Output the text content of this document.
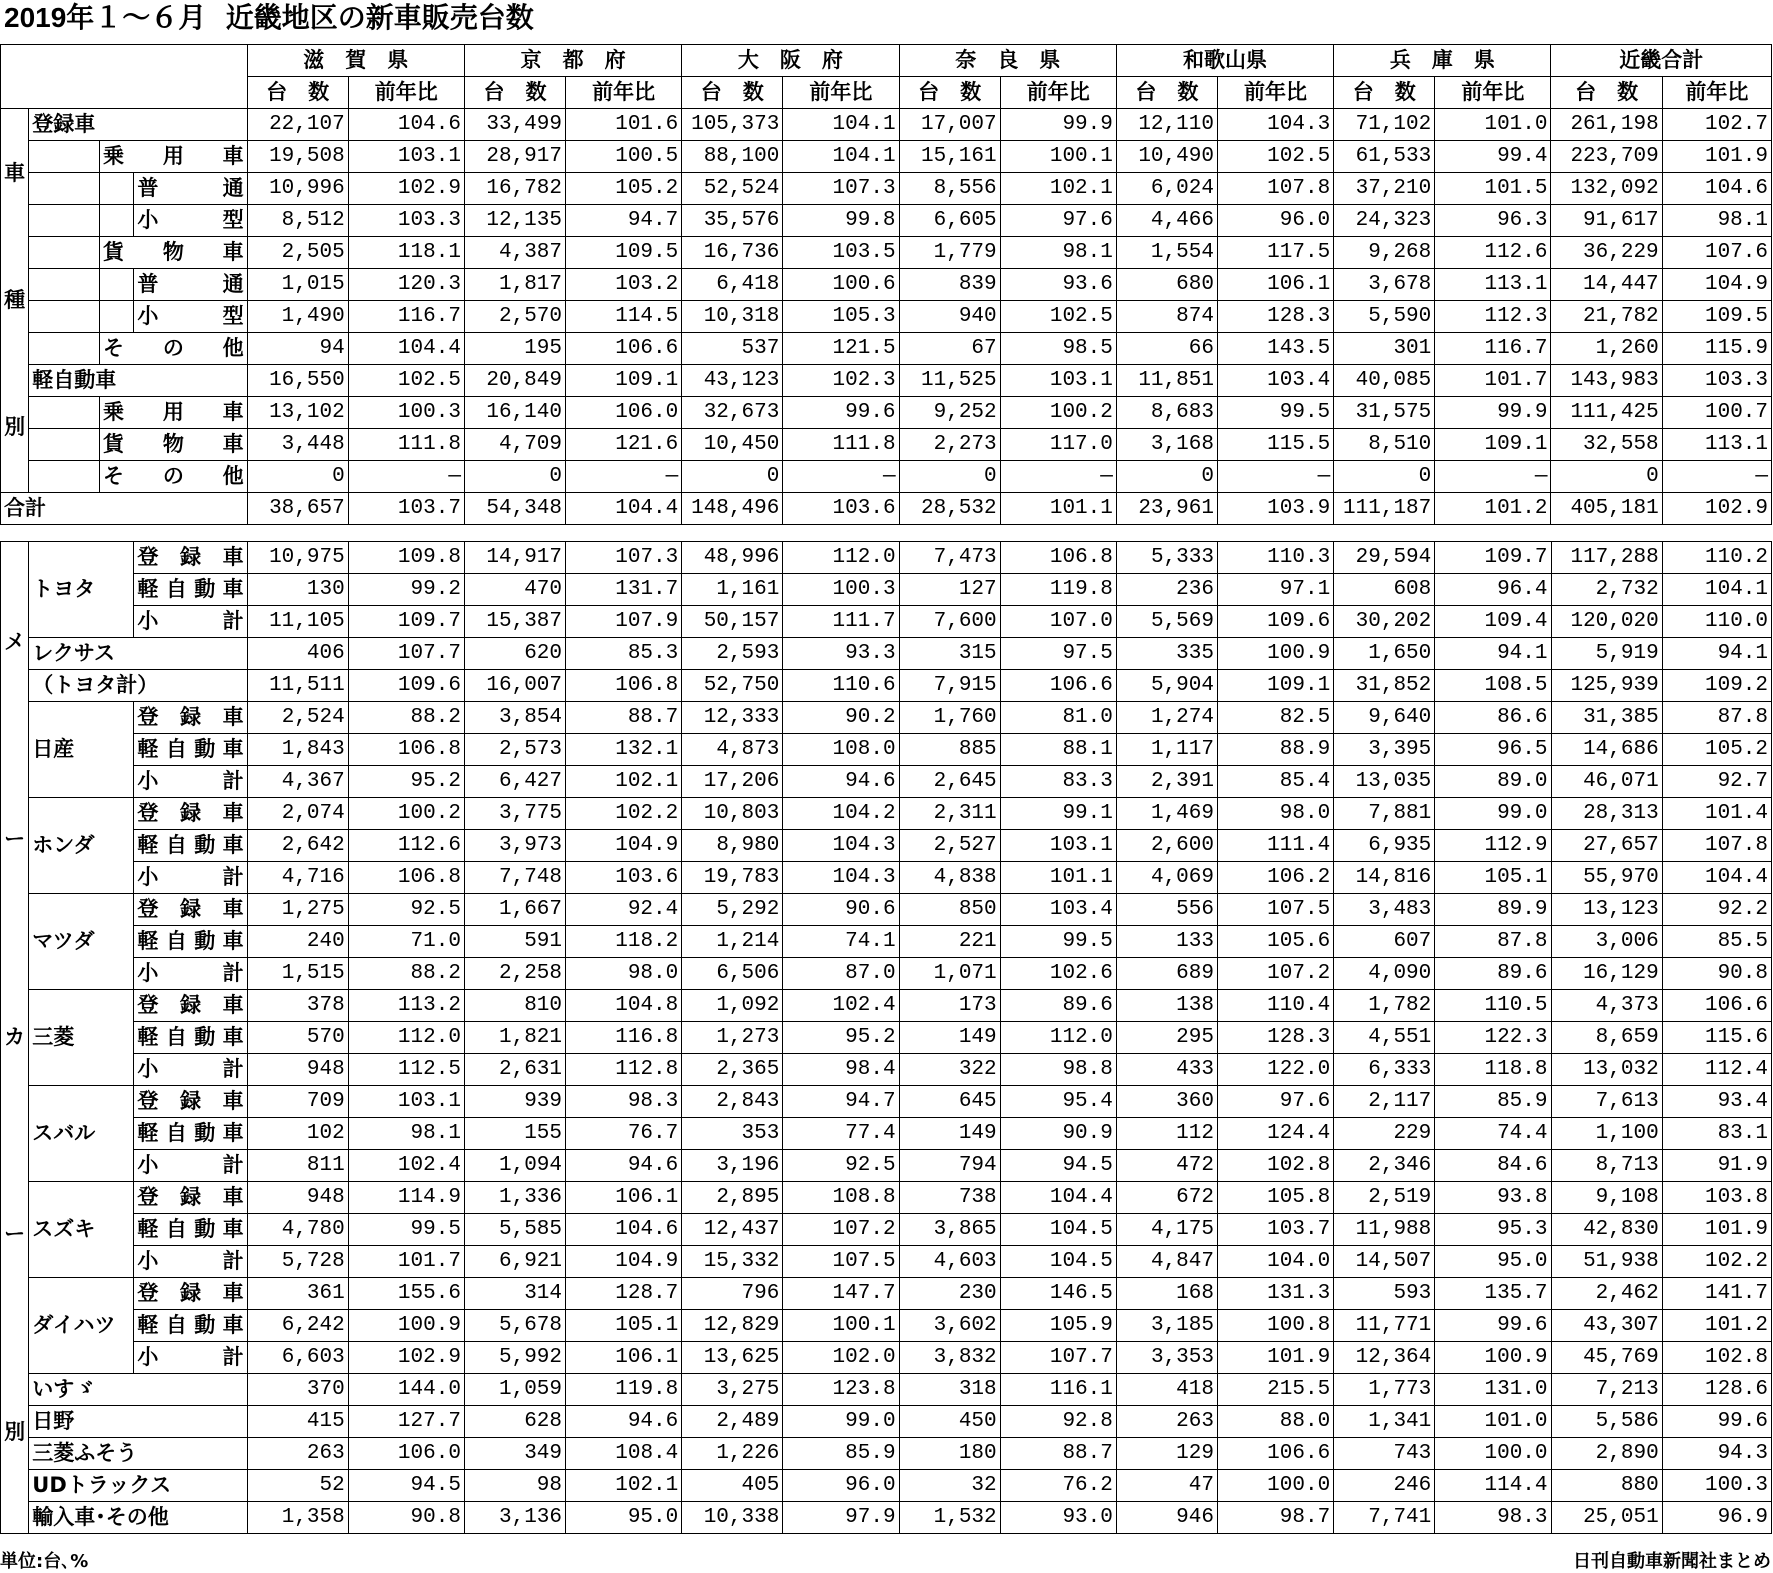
2019年１～６月 近畿地区の新車販売台数
				滋　賀　県		京　都　府		大　阪　府		奈　良　県		和歌山県		兵　庫　県		近畿合計	
				台　数	前年比	台　数	前年比	台　数	前年比	台　数	前年比	台　数	前年比	台　数	前年比	台　数	前年比

車
種
別	登録車			22,107	104.6	33,499	101.6	105,373	104.1	17,007	99.9	12,110	104.3	71,102	101.0	261,198	102.7
		乗　用　車		19,508	103.1	28,917	100.5	88,100	104.1	15,161	100.1	10,490	102.5	61,533	99.4	223,709	101.9
			普　通	10,996	102.9	16,782	105.2	52,524	107.3	8,556	102.1	6,024	107.8	37,210	101.5	132,092	104.6
			小　型	8,512	103.3	12,135	94.7	35,576	99.8	6,605	97.6	4,466	96.0	24,323	96.3	91,617	98.1
		貨　物　車		2,505	118.1	4,387	109.5	16,736	103.5	1,779	98.1	1,554	117.5	9,268	112.6	36,229	107.6
			普　通	1,015	120.3	1,817	103.2	6,418	100.6	839	93.6	680	106.1	3,678	113.1	14,447	104.9
			小　型	1,490	116.7	2,570	114.5	10,318	105.3	940	102.5	874	128.3	5,590	112.3	21,782	109.5
		そ　の　他		94	104.4	195	106.6	537	121.5	67	98.5	66	143.5	301	116.7	1,260	115.9
	軽自動車			16,550	102.5	20,849	109.1	43,123	102.3	11,525	103.1	11,851	103.4	40,085	101.7	143,983	103.3
		乗　用　車		13,102	100.3	16,140	106.0	32,673	99.6	9,252	100.2	8,683	99.5	31,575	99.9	111,425	100.7
		貨　物　車		3,448	111.8	4,709	121.6	10,450	111.8	2,273	117.0	3,168	115.5	8,510	109.1	32,558	113.1
		そ　の　他		0	―	0	―	0	―	0	―	0	―	0	―	0	―
合計				38,657	103.7	54,348	104.4	148,496	103.6	28,532	101.1	23,961	103.9	111,187	101.2	405,181	102.9
メ
ー
カ
ー
別	トヨタ	登　録　車	10,975	109.8	14,917	107.3	48,996	112.0	7,473	106.8	5,333	110.3	29,594	109.7	117,288	110.2
		軽自動車	130	99.2	470	131.7	1,161	100.3	127	119.8	236	97.1	608	96.4	2,732	104.1
		小　　計	11,105	109.7	15,387	107.9	50,157	111.7	7,600	107.0	5,569	109.6	30,202	109.4	120,020	110.0
	レクサス		406	107.7	620	85.3	2,593	93.3	315	97.5	335	100.9	1,650	94.1	5,919	94.1
	（トヨタ計）		11,511	109.6	16,007	106.8	52,750	110.6	7,915	106.6	5,904	109.1	31,852	108.5	125,939	109.2
	日産	登　録　車	2,524	88.2	3,854	88.7	12,333	90.2	1,760	81.0	1,274	82.5	9,640	86.6	31,385	87.8
		軽自動車	1,843	106.8	2,573	132.1	4,873	108.0	885	88.1	1,117	88.9	3,395	96.5	14,686	105.2
		小　　計	4,367	95.2	6,427	102.1	17,206	94.6	2,645	83.3	2,391	85.4	13,035	89.0	46,071	92.7
	ホンダ	登　録　車	2,074	100.2	3,775	102.2	10,803	104.2	2,311	99.1	1,469	98.0	7,881	99.0	28,313	101.4
		軽自動車	2,642	112.6	3,973	104.9	8,980	104.3	2,527	103.1	2,600	111.4	6,935	112.9	27,657	107.8
		小　　計	4,716	106.8	7,748	103.6	19,783	104.3	4,838	101.1	4,069	106.2	14,816	105.1	55,970	104.4
	マツダ	登　録　車	1,275	92.5	1,667	92.4	5,292	90.6	850	103.4	556	107.5	3,483	89.9	13,123	92.2
		軽自動車	240	71.0	591	118.2	1,214	74.1	221	99.5	133	105.6	607	87.8	3,006	85.5
		小　　計	1,515	88.2	2,258	98.0	6,506	87.0	1,071	102.6	689	107.2	4,090	89.6	16,129	90.8
	三菱	登　録　車	378	113.2	810	104.8	1,092	102.4	173	89.6	138	110.4	1,782	110.5	4,373	106.6
		軽自動車	570	112.0	1,821	116.8	1,273	95.2	149	112.0	295	128.3	4,551	122.3	8,659	115.6
		小　　計	948	112.5	2,631	112.8	2,365	98.4	322	98.8	433	122.0	6,333	118.8	13,032	112.4
	スバル	登　録　車	709	103.1	939	98.3	2,843	94.7	645	95.4	360	97.6	2,117	85.9	7,613	93.4
		軽自動車	102	98.1	155	76.7	353	77.4	149	90.9	112	124.4	229	74.4	1,100	83.1
		小　　計	811	102.4	1,094	94.6	3,196	92.5	794	94.5	472	102.8	2,346	84.6	8,713	91.9
	スズキ	登　録　車	948	114.9	1,336	106.1	2,895	108.8	738	104.4	672	105.8	2,519	93.8	9,108	103.8
		軽自動車	4,780	99.5	5,585	104.6	12,437	107.2	3,865	104.5	4,175	103.7	11,988	95.3	42,830	101.9
		小　　計	5,728	101.7	6,921	104.9	15,332	107.5	4,603	104.5	4,847	104.0	14,507	95.0	51,938	102.2
	ダイハツ	登　録　車	361	155.6	314	128.7	796	147.7	230	146.5	168	131.3	593	135.7	2,462	141.7
		軽自動車	6,242	100.9	5,678	105.1	12,829	100.1	3,602	105.9	3,185	100.8	11,771	99.6	43,307	101.2
		小　　計	6,603	102.9	5,992	106.1	13,625	102.0	3,832	107.7	3,353	101.9	12,364	100.9	45,769	102.8
	いすゞ		370	144.0	1,059	119.8	3,275	123.8	318	116.1	418	215.5	1,773	131.0	7,213	128.6
	日野		415	127.7	628	94.6	2,489	99.0	450	92.8	263	88.0	1,341	101.0	5,586	99.6
	三菱ふそう		263	106.0	349	108.4	1,226	85.9	180	88.7	129	106.6	743	100.0	2,890	94.3
	UDトラックス		52	94.5	98	102.1	405	96.0	32	76.2	47	100.0	246	114.4	880	100.3
	輸入車･その他		1,358	90.8	3,136	95.0	10,338	97.9	1,532	93.0	946	98.7	7,741	98.3	25,051	96.9
単位:台､%	日刊自動車新聞社まとめ
